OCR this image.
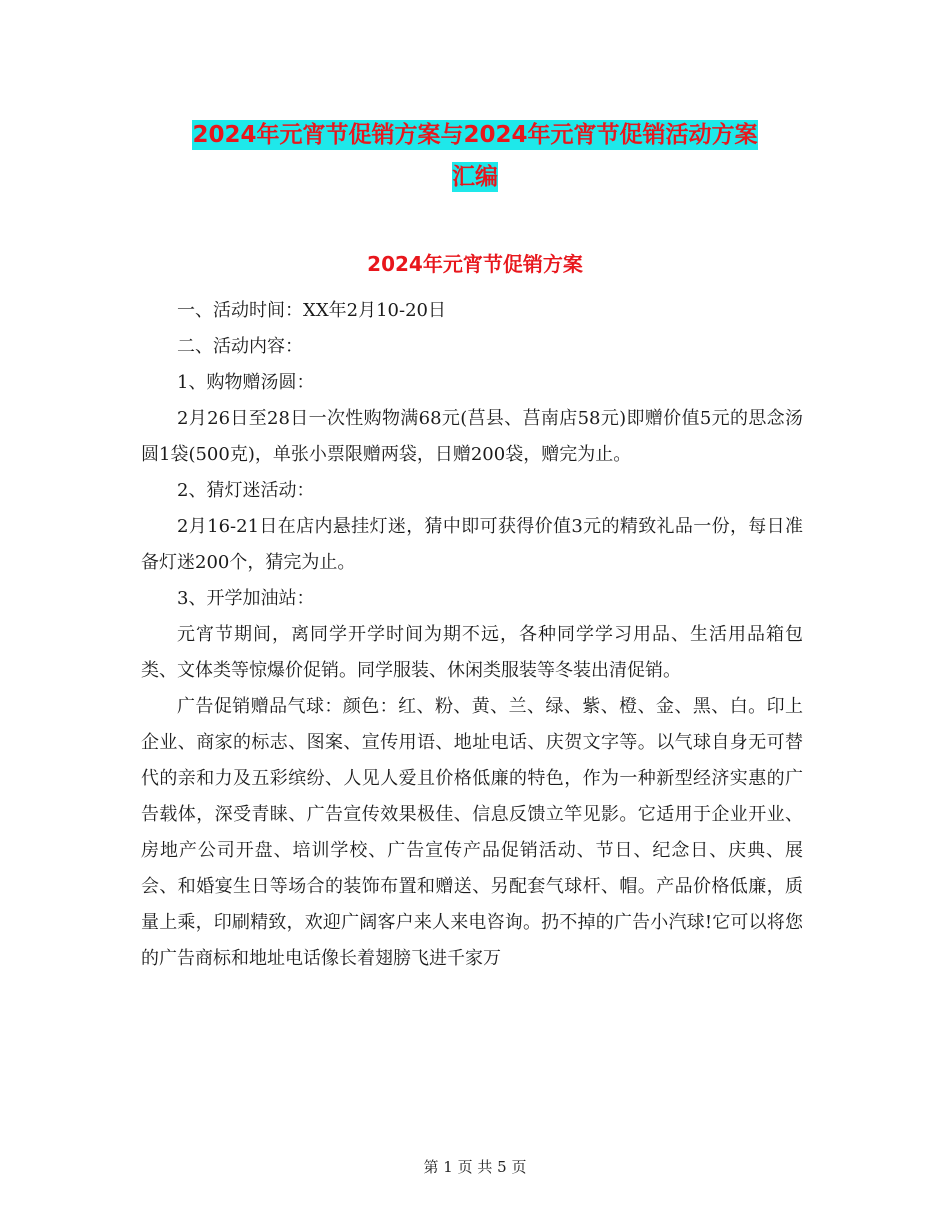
2024年元宵节促销方案与2024年元宵节促销活动方案
汇编
2024年元宵节促销方案

一、活动时间：XX年2月10-20日

二、活动内容：

1、购物赠汤圆：

2月26日至28日一次性购物满68元(莒县、莒南店58元)即赠价值5元的思念汤圆1袋(500克)，单张小票限赠两袋，日赠200袋，赠完为止。

2、猜灯迷活动：

2月16-21日在店内悬挂灯迷，猜中即可获得价值3元的精致礼品一份，每日准备灯迷200个，猜完为止。

3、开学加油站：

元宵节期间，离同学开学时间为期不远，各种同学学习用品、生活用品箱包类、文体类等惊爆价促销。同学服装、休闲类服装等冬装出清促销。

广告促销赠品气球：颜色：红、粉、黄、兰、绿、紫、橙、金、黑、白。印上企业、商家的标志、图案、宣传用语、地址电话、庆贺文字等。以气球自身无可替代的亲和力及五彩缤纷、人见人爱且价格低廉的特色，作为一种新型经济实惠的广告载体，深受青睐、广告宣传效果极佳、信息反馈立竿见影。它适用于企业开业、房地产公司开盘、培训学校、广告宣传产品促销活动、节日、纪念日、庆典、展会、和婚宴生日等场合的装饰布置和赠送、另配套气球杆、帽。产品价格低廉，质量上乘，印刷精致，欢迎广阔客户来人来电咨询。扔不掉的广告小汽球!它可以将您的广告商标和地址电话像长着翅膀飞进千家万

第 1 页 共 5 页
